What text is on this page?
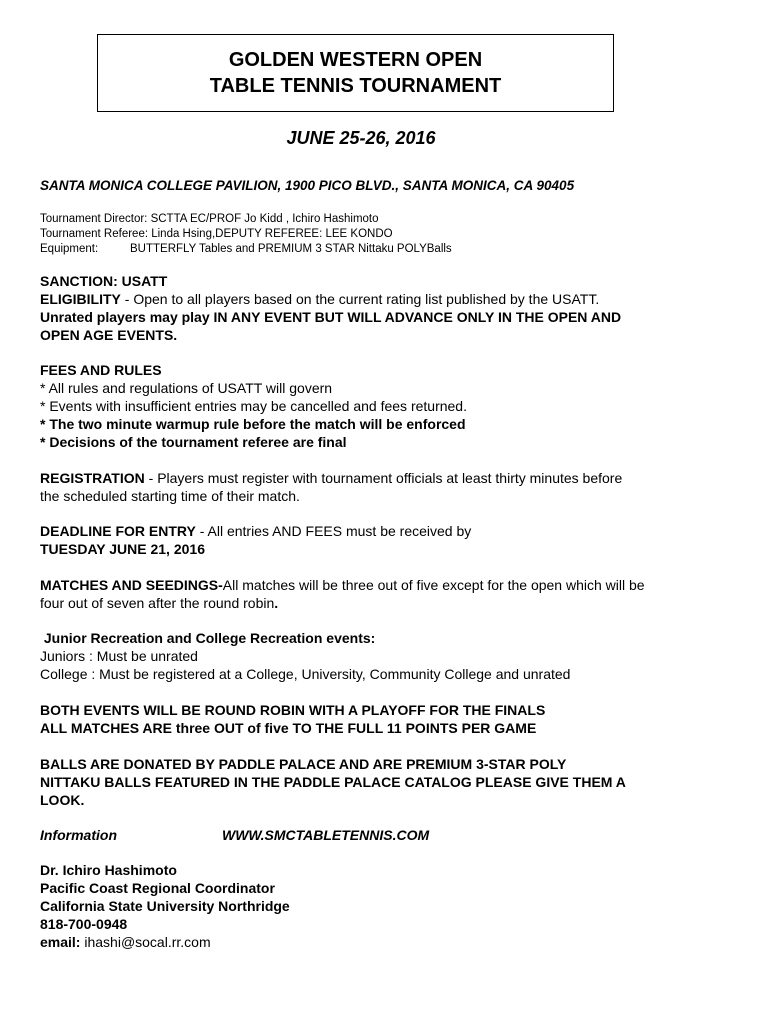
GOLDEN WESTERN OPEN
TABLE TENNIS TOURNAMENT
JUNE 25-26, 2016
SANTA MONICA COLLEGE PAVILION, 1900 PICO BLVD., SANTA MONICA, CA 90405
Tournament Director: SCTTA EC/PROF Jo Kidd , Ichiro Hashimoto
Tournament Referee: Linda Hsing,DEPUTY REFEREE: LEE KONDO
Equipment:	BUTTERFLY Tables and PREMIUM 3 STAR Nittaku POLYBalls
SANCTION: USATT
ELIGIBILITY - Open to all players based on the current rating list published by the USATT.
Unrated players may play IN ANY EVENT BUT WILL ADVANCE ONLY IN THE OPEN AND OPEN AGE EVENTS.
FEES AND RULES
* All rules and regulations of USATT will govern
* Events with insufficient entries may be cancelled and fees returned.
* The two minute warmup rule before the match will be enforced
* Decisions of the tournament referee are final
REGISTRATION - Players must register with tournament officials at least thirty minutes before the scheduled starting time of their match.
DEADLINE FOR ENTRY - All entries AND FEES must be received by
TUESDAY JUNE 21, 2016
MATCHES AND SEEDINGS-All matches will be three out of five except for the open which will be four out of seven after the round robin.
Junior Recreation and College Recreation events:
Juniors : Must be unrated
College : Must be registered at a College, University, Community College and unrated
BOTH EVENTS WILL BE ROUND ROBIN WITH A PLAYOFF FOR THE FINALS
ALL MATCHES ARE three OUT of five TO THE FULL 11 POINTS PER GAME
BALLS ARE DONATED BY PADDLE PALACE AND ARE PREMIUM 3-STAR POLY NITTAKU BALLS FEATURED IN THE PADDLE PALACE CATALOG PLEASE GIVE THEM A LOOK.
Information	WWW.SMCTABLETENNIS.COM
Dr. Ichiro Hashimoto
Pacific Coast Regional Coordinator
California State University Northridge
818-700-0948
email: ihashi@socal.rr.com
